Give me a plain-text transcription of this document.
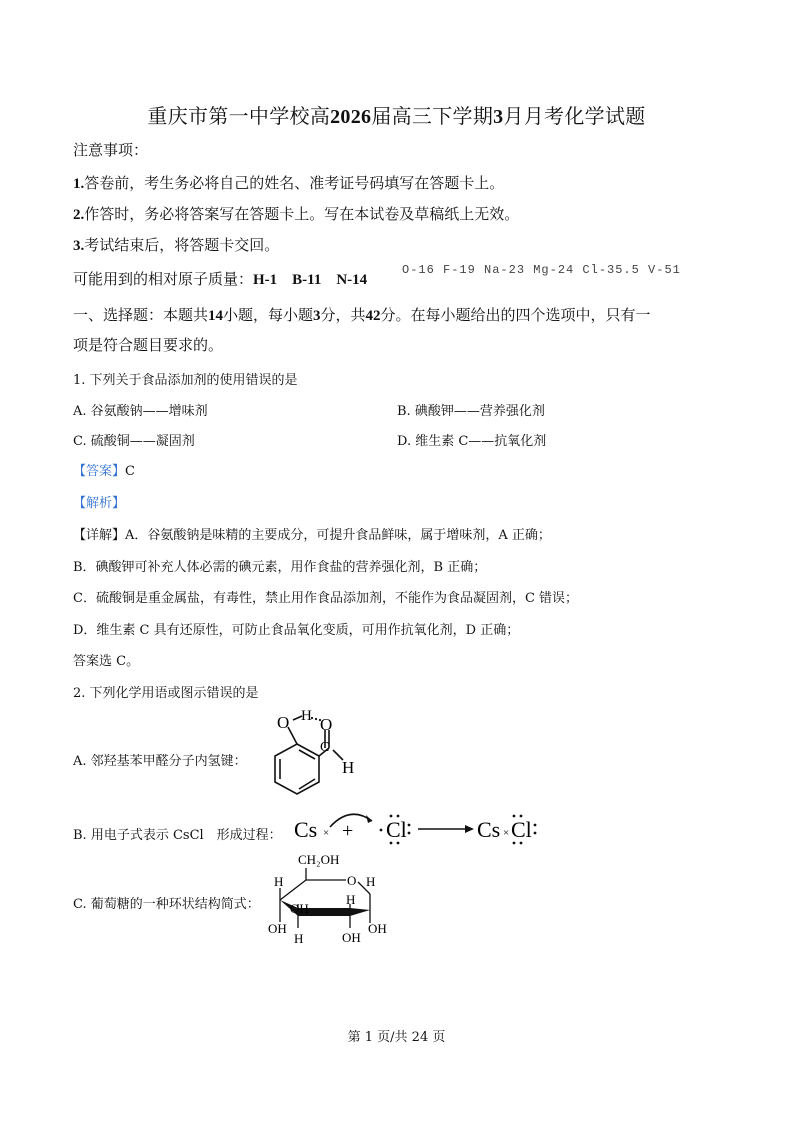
重庆市第一中学校高2026届高三下学期3月月考化学试题
注意事项：
1.答卷前，考生务必将自己的姓名、准考证号码填写在答题卡上。
2.作答时，务必将答案写在答题卡上。写在本试卷及草稿纸上无效。
3.考试结束后，将答题卡交回。
可能用到的相对原子质量：H-1　B-11　N-14
O-16 F-19 Na-23 Mg-24 Cl-35.5 V-51
一、选择题：本题共14小题，每小题3分，共42分。在每小题给出的四个选项中，只有一
项是符合题目要求的。
1. 下列关于食品添加剂的使用错误的是
A. 谷氨酸钠——增味剂	B. 碘酸钾——营养强化剂
C. 硫酸铜——凝固剂	D. 维生素 C——抗氧化剂
【答案】C
【解析】
【详解】A．谷氨酸钠是味精的主要成分，可提升食品鲜味，属于增味剂，A 正确；
B．碘酸钾可补充人体必需的碘元素，用作食盐的营养强化剂，B 正确；
C．硫酸铜是重金属盐，有毒性，禁止用作食品添加剂，不能作为食品凝固剂，C 错误；
D．维生素 C 具有还原性，可防止食品氧化变质，可用作抗氧化剂，D 正确；
答案选 C。
2. 下列化学用语或图示错误的是
A. 邻羟基苯甲醛分子内氢键：
O H O
C
H
B. 用电子式表示 CsCl　形成过程： Cs × + Cl	Cs × Cl
C. 葡萄糖的一种环状结构简式：
CH₂OH
O H
H
OH
OH
H
H
OH
OH
第 1 页/共 24 页
